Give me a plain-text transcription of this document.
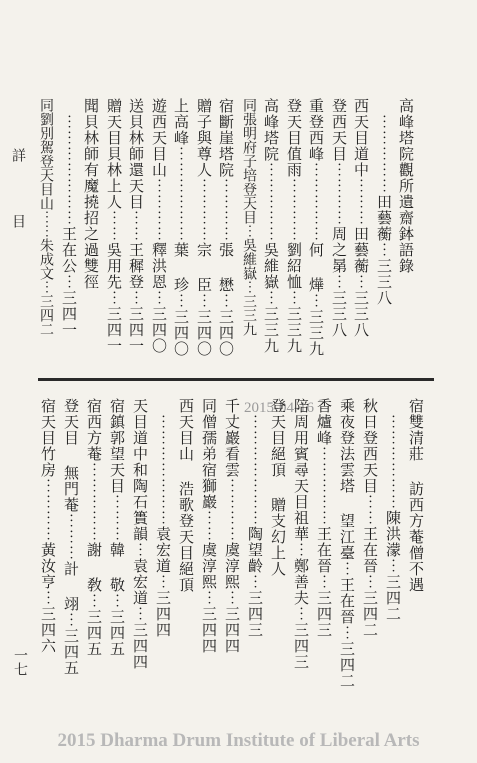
詳 目
一七
2015-04-16
2015 Dharma Drum Institute of Liberal Arts
高峰塔院觀所遺齋鉢語錄
　⋯⋯⋯⋯⋯田藝蘅⋯三三八
西天目道中⋯⋯⋯田藝蘅⋯三三八
登西天目⋯⋯⋯⋯周之晜⋯三三八
重登西峰⋯⋯⋯⋯⋯何 燁⋯三三九
登天目值雨⋯⋯⋯⋯劉紹恤⋯三三九
高峰塔院⋯⋯⋯⋯⋯吳維嶽⋯三三九
同張明府子培登天目⋯吳維嶽⋯三三九
宿斷崖塔院⋯⋯⋯⋯張 懋⋯三四〇
贈子與尊人⋯⋯⋯⋯宗 臣⋯三四〇
上高峰⋯⋯⋯⋯⋯⋯葉 珍⋯三四〇
遊西天目山⋯⋯⋯⋯釋洪恩⋯三四〇
送貝林師還天目⋯⋯王穉登⋯三四一
贈天目貝林上人⋯⋯吳用先⋯三四一
聞貝林師有魔撓招之過雙徑
　⋯⋯⋯⋯⋯⋯⋯王在公⋯三四一
同劉別駕登天目山⋯⋯朱成文⋯三四二
宿雙清莊 訪西方菴僧不遇
　⋯⋯⋯⋯⋯⋯陳洪濛⋯三四二
秋日登西天目⋯⋯王在晉⋯三四二
乘夜登法雲塔 望江臺⋯王在晉⋯三四二
香爐峰⋯⋯⋯⋯⋯王在晉⋯三四三
陪周用賓尋天目祖華⋯鄭善夫⋯三四三
登天目絕頂 贈支幻上人
　⋯⋯⋯⋯⋯⋯⋯陶望齡⋯三四三
千丈巖看雲⋯⋯⋯⋯虞淳熙⋯三四四
同僧孺弟宿獅巖⋯⋯虞淳熙⋯三四四
西天目山 浩歌登天目絕頂
　⋯⋯⋯⋯⋯⋯⋯袁宏道⋯三四四
天目道中和陶石簣韻⋯袁宏道⋯三四四
宿鎮郭望天目⋯⋯⋯韓 敬⋯三四五
宿西方菴⋯⋯⋯⋯⋯謝 敎⋯三四五
登天目 無門菴⋯⋯⋯計 翊⋯三四五
宿天目竹房⋯⋯⋯⋯黃汝亨⋯三四六
